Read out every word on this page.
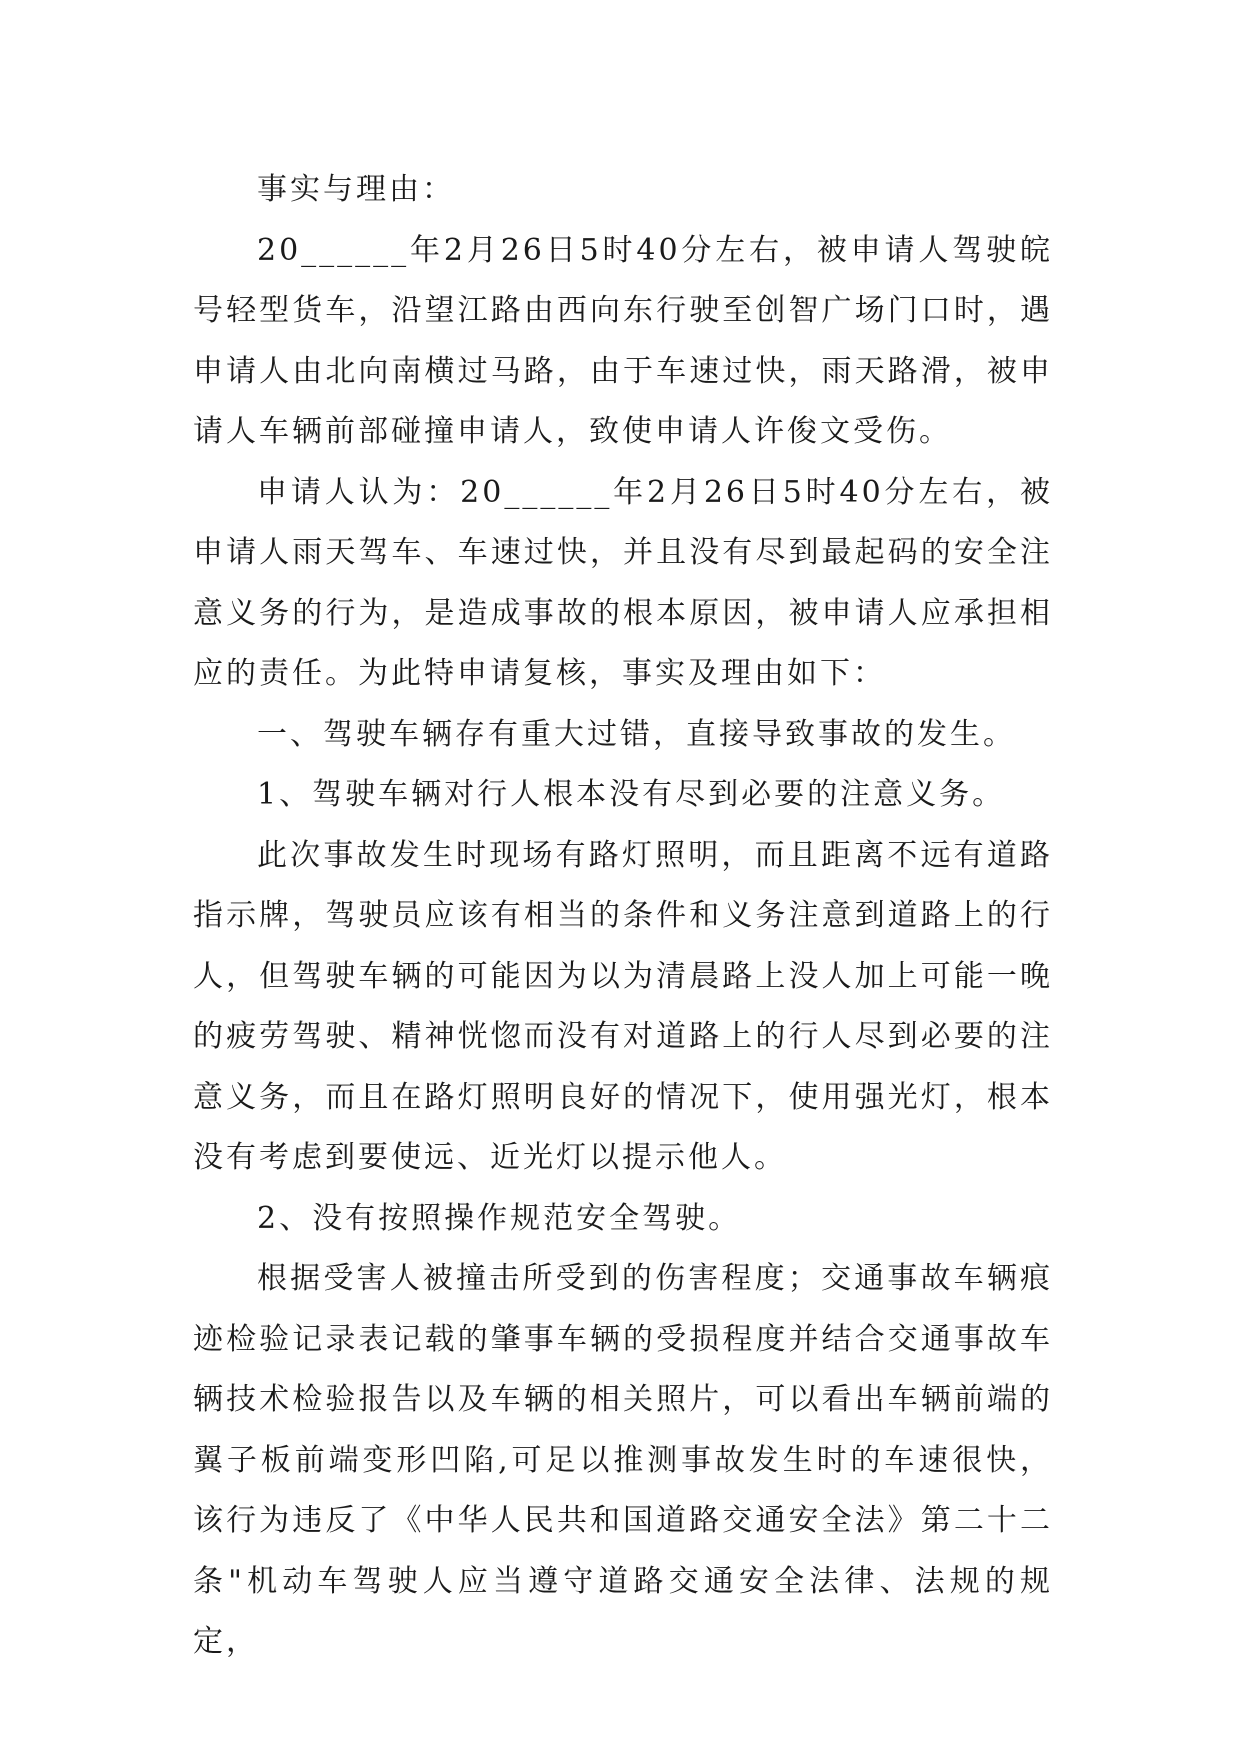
事实与理由：

20______年2月26日5时40分左右，被申请人驾驶皖号轻型货车，沿望江路由西向东行驶至创智广场门口时，遇申请人由北向南横过马路，由于车速过快，雨天路滑，被申请人车辆前部碰撞申请人，致使申请人许俊文受伤。

申请人认为：20______年2月26日5时40分左右，被申请人雨天驾车、车速过快，并且没有尽到最起码的安全注意义务的行为，是造成事故的根本原因，被申请人应承担相应的责任。为此特申请复核，事实及理由如下：

一、驾驶车辆存有重大过错，直接导致事故的发生。

1、驾驶车辆对行人根本没有尽到必要的注意义务。

此次事故发生时现场有路灯照明，而且距离不远有道路指示牌，驾驶员应该有相当的条件和义务注意到道路上的行人，但驾驶车辆的可能因为以为清晨路上没人加上可能一晚的疲劳驾驶、精神恍惚而没有对道路上的行人尽到必要的注意义务，而且在路灯照明良好的情况下，使用强光灯，根本没有考虑到要使远、近光灯以提示他人。

2、没有按照操作规范安全驾驶。

根据受害人被撞击所受到的伤害程度；交通事故车辆痕迹检验记录表记载的肇事车辆的受损程度并结合交通事故车辆技术检验报告以及车辆的相关照片，可以看出车辆前端的翼子板前端变形凹陷,可足以推测事故发生时的车速很快，该行为违反了《中华人民共和国道路交通安全法》第二十二条"机动车驾驶人应当遵守道路交通安全法律、法规的规定，
